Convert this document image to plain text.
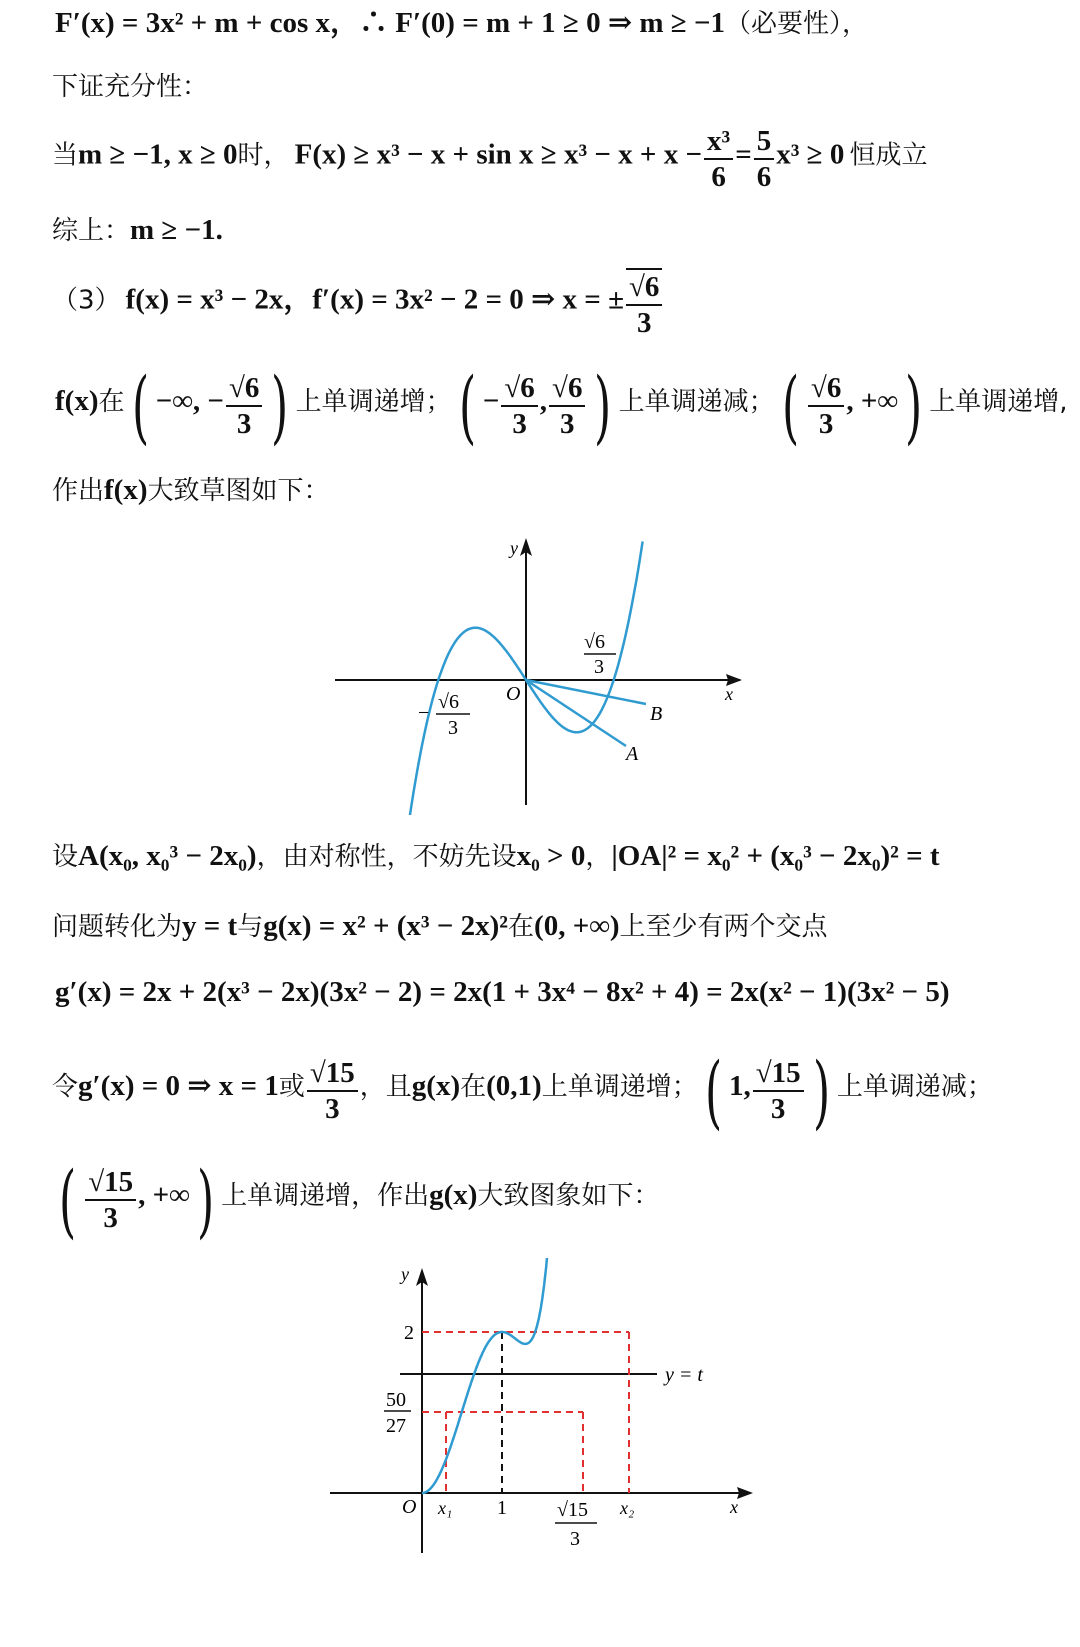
F′(x) = 3x² + m + cos x，∴ F′(0) = m + 1 ≥ 0 ⇒ m ≥ −1（必要性），
下证充分性：
当m ≥ −1, x ≥ 0时， $F(x) \ge x^3 - x + \sin x \ge x^3 - x + x - \frac{\text{x³}}{6} = \frac{5}{6} x^3 \ge 0$ 恒成立
综上：m ≥ −1.
（3） f(x) = x³ − 2x，f′(x) = 3x² − 2 = 0 ⇒ x = ± $\frac{√6}{3}$
f(x)在( −∞, − $\frac{√6}{3}$ ) 上单调递增；( − $\frac{√6}{3}$ , $\frac{√6}{3}$ ) 上单调递减；( $\frac{√6}{3}$ , +∞) 上单调递增,
作出f(x)大致草图如下：
y
x
O
√6
3
− √6
3
A
B
设A(x₀, x₀³ − 2x₀)，由对称性，不妨先设x₀ > 0，|OA|² = x₀² + (x₀³ − 2x₀)² = t
问题转化为y = t与g(x) = x² + (x³ − 2x)²在(0, +∞)上至少有两个交点
g′(x) = 2x + 2(x³ − 2x)(3x² − 2) = 2x(1 + 3x⁴ − 8x² + 4) = 2x(x² − 1)(3x² − 5)
令g′(x) = 0 ⇒ x = 1或 $\frac{√15}{3}$ ，且g(x)在(0,1)上单调递增；( 1, $\frac{√15}{3}$ ) 上单调递减；
( $\frac{√15}{3}$ , +∞) 上单调递增，作出g(x)大致图象如下：
y
x
O
2
50
27
y = t
x₁ 1	√15
3
x₂
